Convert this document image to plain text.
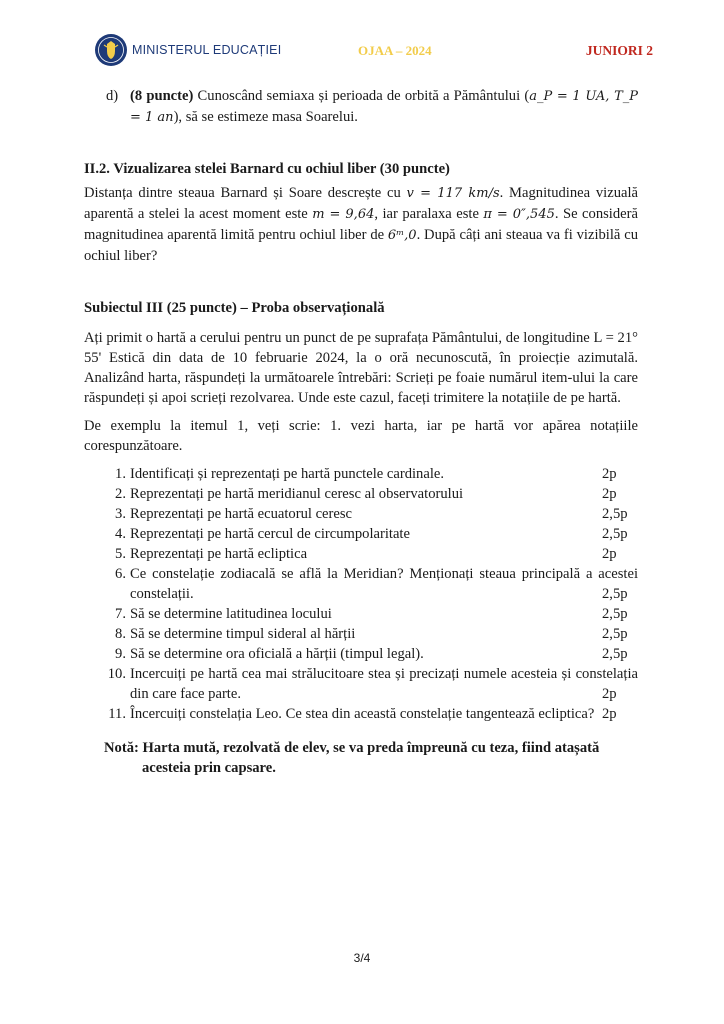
MINISTERUL EDUCAȚIEI	OJAA – 2024	JUNIORI 2
d) (8 puncte) Cunoscând semiaxa și perioada de orbită a Pământului (a_P = 1 UA, T_P = 1 an), să se estimeze masa Soarelui.
II.2. Vizualizarea stelei Barnard cu ochiul liber (30 puncte)

Distanța dintre steaua Barnard și Soare descrește cu v = 117 km/s. Magnitudinea vizuală aparentă a stelei la acest moment este m = 9,64, iar paralaxa este π = 0″,545. Se consideră magnitudinea aparentă limită pentru ochiul liber de 6ᵐ,0. După câți ani steaua va fi vizibilă cu ochiul liber?

Subiectul III (25 puncte) – Proba observațională

Ați primit o hartă a cerului pentru un punct de pe suprafața Pământului, de longitudine L = 21° 55' Estică din data de 10 februarie 2024, la o oră necunoscută, în proiecție azimutală. Analizând harta, răspundeți la următoarele întrebări: Scrieți pe foaie numărul item-ului la care răspundeți și apoi scrieți rezolvarea. Unde este cazul, faceți trimitere la notațiile de pe hartă.

De exemplu la itemul 1, veți scrie: 1. vezi harta, iar pe hartă vor apărea notațiile corespunzătoare.

1. Identificați și reprezentați pe hartă punctele cardinale.	2p
2. Reprezentați pe hartă meridianul ceresc al observatorului	2p
3. Reprezentați pe hartă ecuatorul ceresc	2,5p
4. Reprezentați pe hartă cercul de circumpolaritate	2,5p
5. Reprezentați pe hartă ecliptica	2p
6. Ce constelație zodiacală se află la Meridian? Menționați steaua principală a acestei constelații.	2,5p
7. Să se determine latitudinea locului	2,5p
8. Să se determine timpul sideral al hărții	2,5p
9. Să se determine ora oficială a hărții (timpul legal).	2,5p
10. Incercuiți pe hartă cea mai strălucitoare stea și precizați numele acesteia și constelația din care face parte.	2p
11. Încercuiți constelația Leo. Ce stea din această constelație tangentează ecliptica? 2p
Notă: Harta mută, rezolvată de elev, se va preda împreună cu teza, fiind atașată
acesteia prin capsare.
3/4
